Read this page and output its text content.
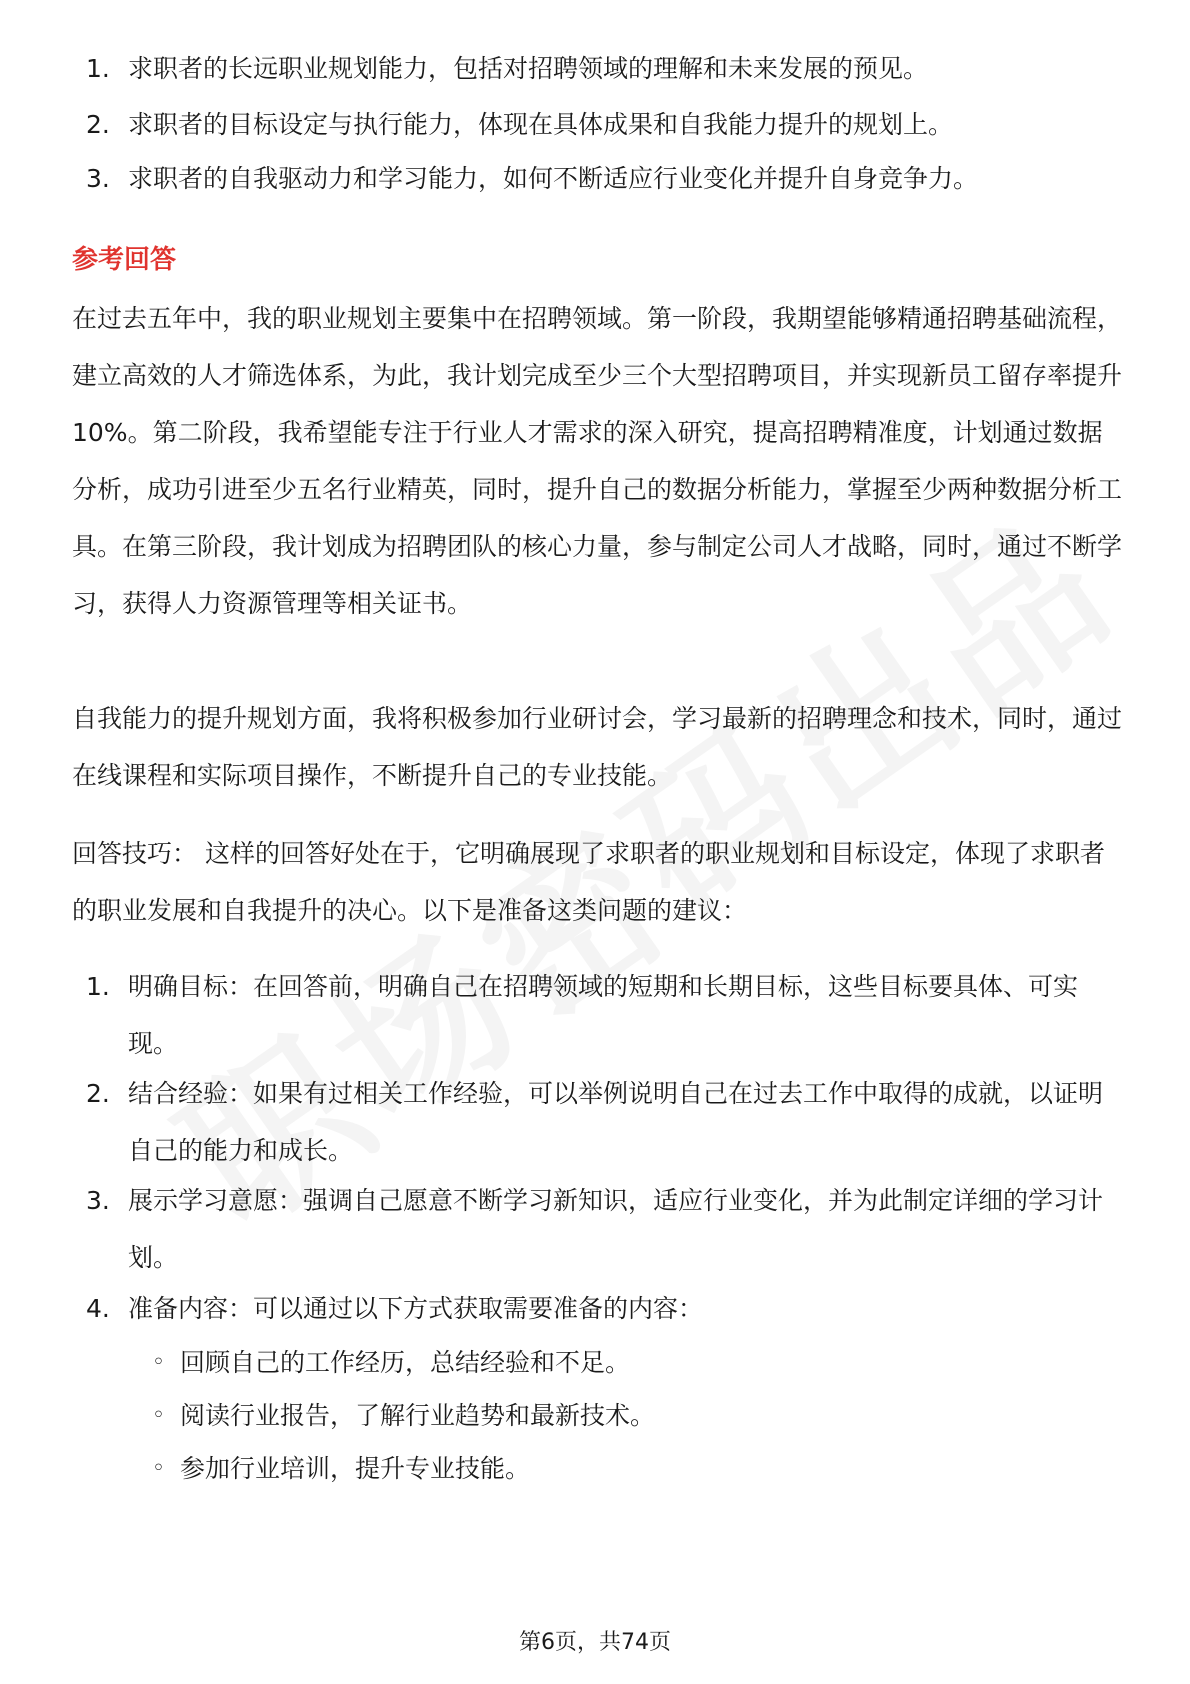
1. 求职者的长远职业规划能力，包括对招聘领域的理解和未来发展的预见。
2. 求职者的目标设定与执行能力，体现在具体成果和自我能力提升的规划上。
3. 求职者的自我驱动力和学习能力，如何不断适应行业变化并提升自身竞争力。
参考回答
在过去五年中，我的职业规划主要集中在招聘领域。第一阶段，我期望能够精通招聘基础流程，建立高效的人才筛选体系，为此，我计划完成至少三个大型招聘项目，并实现新员工留存率提升10%。第二阶段，我希望能专注于行业人才需求的深入研究，提高招聘精准度，计划通过数据分析，成功引进至少五名行业精英，同时，提升自己的数据分析能力，掌握至少两种数据分析工具。在第三阶段，我计划成为招聘团队的核心力量，参与制定公司人才战略，同时，通过不断学习，获得人力资源管理等相关证书。
自我能力的提升规划方面，我将积极参加行业研讨会，学习最新的招聘理念和技术，同时，通过在线课程和实际项目操作，不断提升自己的专业技能。
回答技巧： 这样的回答好处在于，它明确展现了求职者的职业规划和目标设定，体现了求职者的职业发展和自我提升的决心。以下是准备这类问题的建议：
1. 明确目标：在回答前，明确自己在招聘领域的短期和长期目标，这些目标要具体、可实现。
2. 结合经验：如果有过相关工作经验，可以举例说明自己在过去工作中取得的成就，以证明自己的能力和成长。
3. 展示学习意愿：强调自己愿意不断学习新知识，适应行业变化，并为此制定详细的学习计划。
4. 准备内容：可以通过以下方式获取需要准备的内容：
◦ 回顾自己的工作经历，总结经验和不足。
◦ 阅读行业报告，了解行业趋势和最新技术。
◦ 参加行业培训，提升专业技能。
第6页，共74页
